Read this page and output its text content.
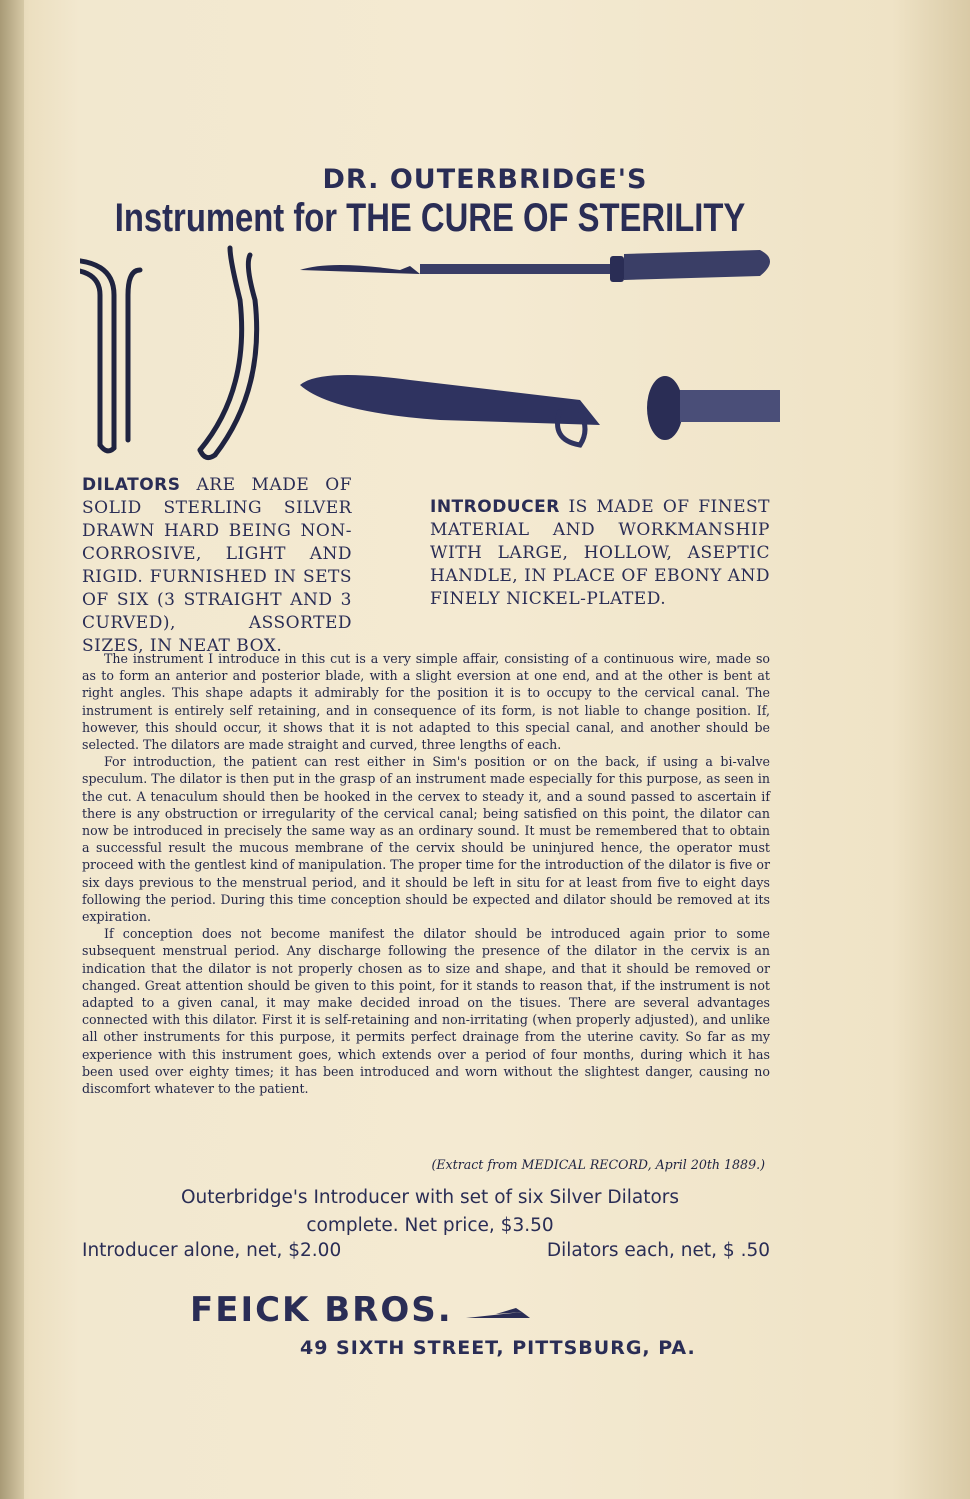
DR. OUTERBRIDGE'S
Instrument for THE CURE OF STERILITY
DILATORS ARE MADE OF SOLID STERLING SILVER DRAWN HARD BEING NON-CORROSIVE, LIGHT AND RIGID. FURNISHED IN SETS OF SIX (3 STRAIGHT AND 3 CURVED), ASSORTED SIZES, IN NEAT BOX.
INTRODUCER IS MADE OF FINEST MATERIAL AND WORKMANSHIP WITH LARGE, HOLLOW, ASEPTIC HANDLE, IN PLACE OF EBONY AND FINELY NICKEL-PLATED.

The instrument I introduce in this cut is a very simple affair, consisting of a continuous wire, made so as to form an anterior and posterior blade, with a slight eversion at one end, and at the other is bent at right angles. This shape adapts it admirably for the position it is to occupy to the cervical canal. The instrument is entirely self retaining, and in consequence of its form, is not liable to change position. If, however, this should occur, it shows that it is not adapted to this special canal, and another should be selected. The dilators are made straight and curved, three lengths of each.

For introduction, the patient can rest either in Sim's position or on the back, if using a bi-valve speculum. The dilator is then put in the grasp of an instrument made especially for this purpose, as seen in the cut. A tenaculum should then be hooked in the cervex to steady it, and a sound passed to ascertain if there is any obstruction or irregularity of the cervical canal; being satisfied on this point, the dilator can now be introduced in precisely the same way as an ordinary sound. It must be remembered that to obtain a successful result the mucous membrane of the cervix should be uninjured hence, the operator must proceed with the gentlest kind of manipulation. The proper time for the introduction of the dilator is five or six days previous to the menstrual period, and it should be left in situ for at least from five to eight days following the period. During this time conception should be expected and dilator should be removed at its expiration.

If conception does not become manifest the dilator should be introduced again prior to some subsequent menstrual period. Any discharge following the presence of the dilator in the cervix is an indication that the dilator is not properly chosen as to size and shape, and that it should be removed or changed. Great attention should be given to this point, for it stands to reason that, if the instrument is not adapted to a given canal, it may make decided inroad on the tisues. There are several advantages connected with this dilator. First it is self-retaining and non-irritating (when properly adjusted), and unlike all other instruments for this purpose, it permits perfect drainage from the uterine cavity. So far as my experience with this instrument goes, which extends over a period of four months, during which it has been used over eighty times; it has been introduced and worn without the slightest danger, causing no discomfort whatever to the patient.

(Extract from MEDICAL RECORD, April 20th 1889.)
Outerbridge's Introducer with set of six Silver Dilators
complete. Net price, $3.50
Introducer alone, net, $2.00	Dilators each, net, $ .50
FEICK BROS.
49 SIXTH STREET, PITTSBURG, PA.
